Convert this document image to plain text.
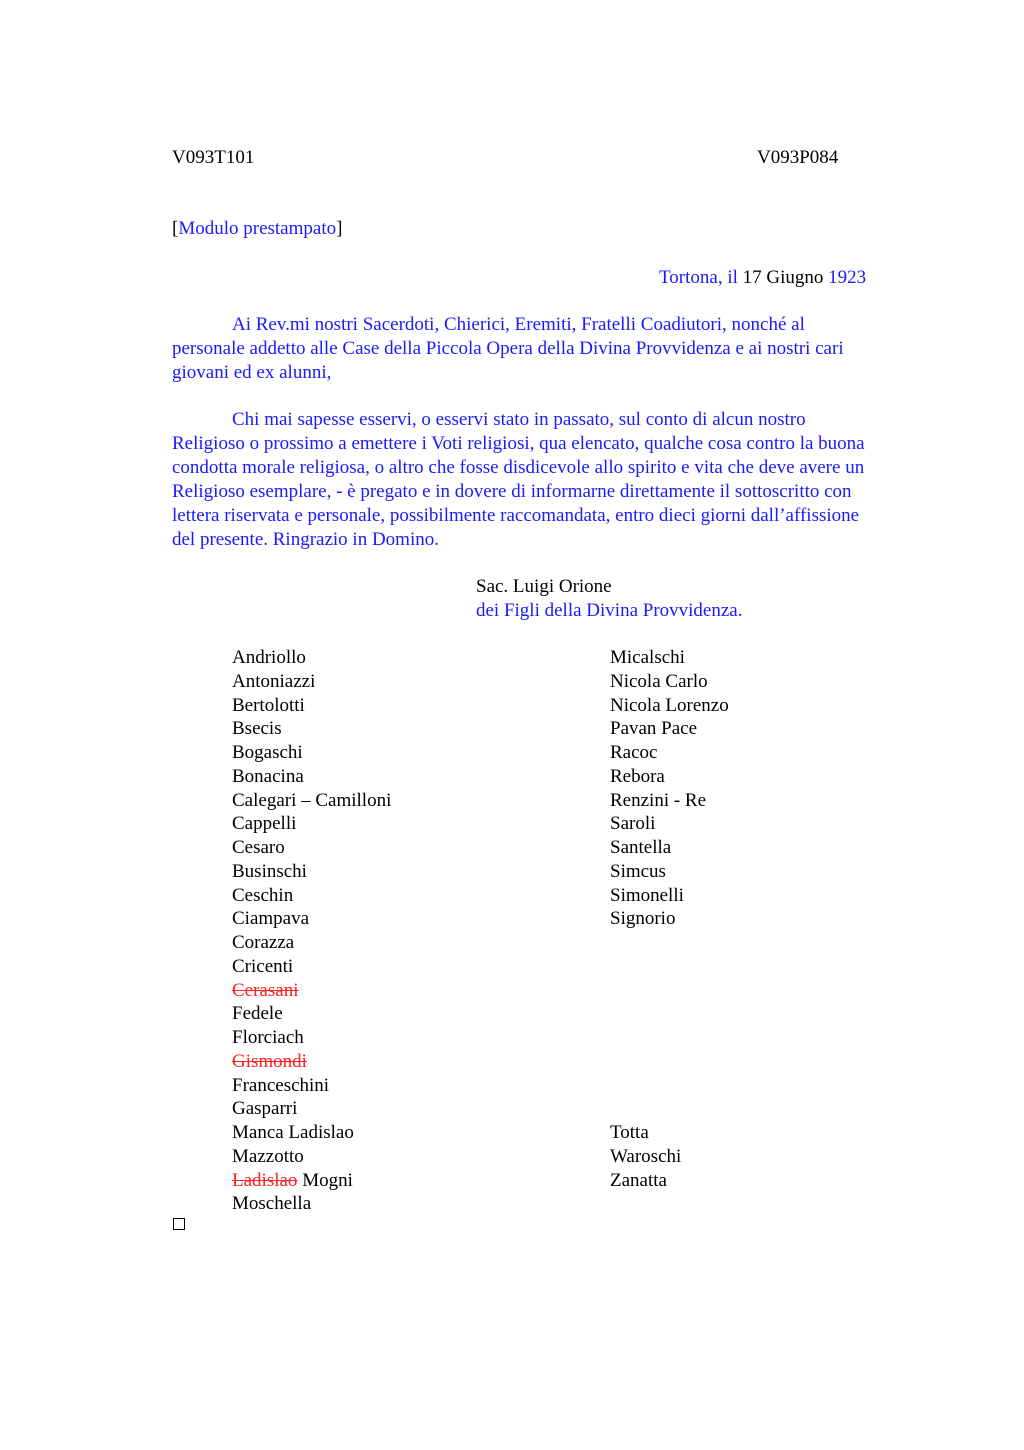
V093T101	V093P084
[Modulo prestampato]
Tortona, il 17 Giugno 1923
Ai Rev.mi nostri Sacerdoti, Chierici, Eremiti, Fratelli Coadiutori, nonché al
personale addetto alle Case della Piccola Opera della Divina Provvidenza e ai nostri cari
giovani ed ex alunni,
Chi mai sapesse esservi, o esservi stato in passato, sul conto di alcun nostro
Religioso o prossimo a emettere i Voti religiosi, qua elencato, qualche cosa contro la buona
condotta morale religiosa, o altro che fosse disdicevole allo spirito e vita che deve avere un
Religioso esemplare, - è pregato e in dovere di informarne direttamente il sottoscritto con
lettera riservata e personale, possibilmente raccomandata, entro dieci giorni dall’affissione
del presente. Ringrazio in Domino.
Sac. Luigi Orione
dei Figli della Divina Provvidenza.
Andriollo
Antoniazzi
Bertolotti
Bsecis
Bogaschi
Bonacina
Calegari – Camilloni
Cappelli
Cesaro
Businschi
Ceschin
Ciampava
Corazza
Cricenti
Cerasani
Fedele
Florciach
Gismondi
Franceschini
Gasparri
Manca Ladislao
Mazzotto
Ladislao Mogni
Moschella
Micalschi
Nicola Carlo
Nicola Lorenzo
Pavan Pace
Racoc
Rebora
Renzini - Re
Saroli
Santella
Simcus
Simonelli
Signorio
Totta
Waroschi
Zanatta
